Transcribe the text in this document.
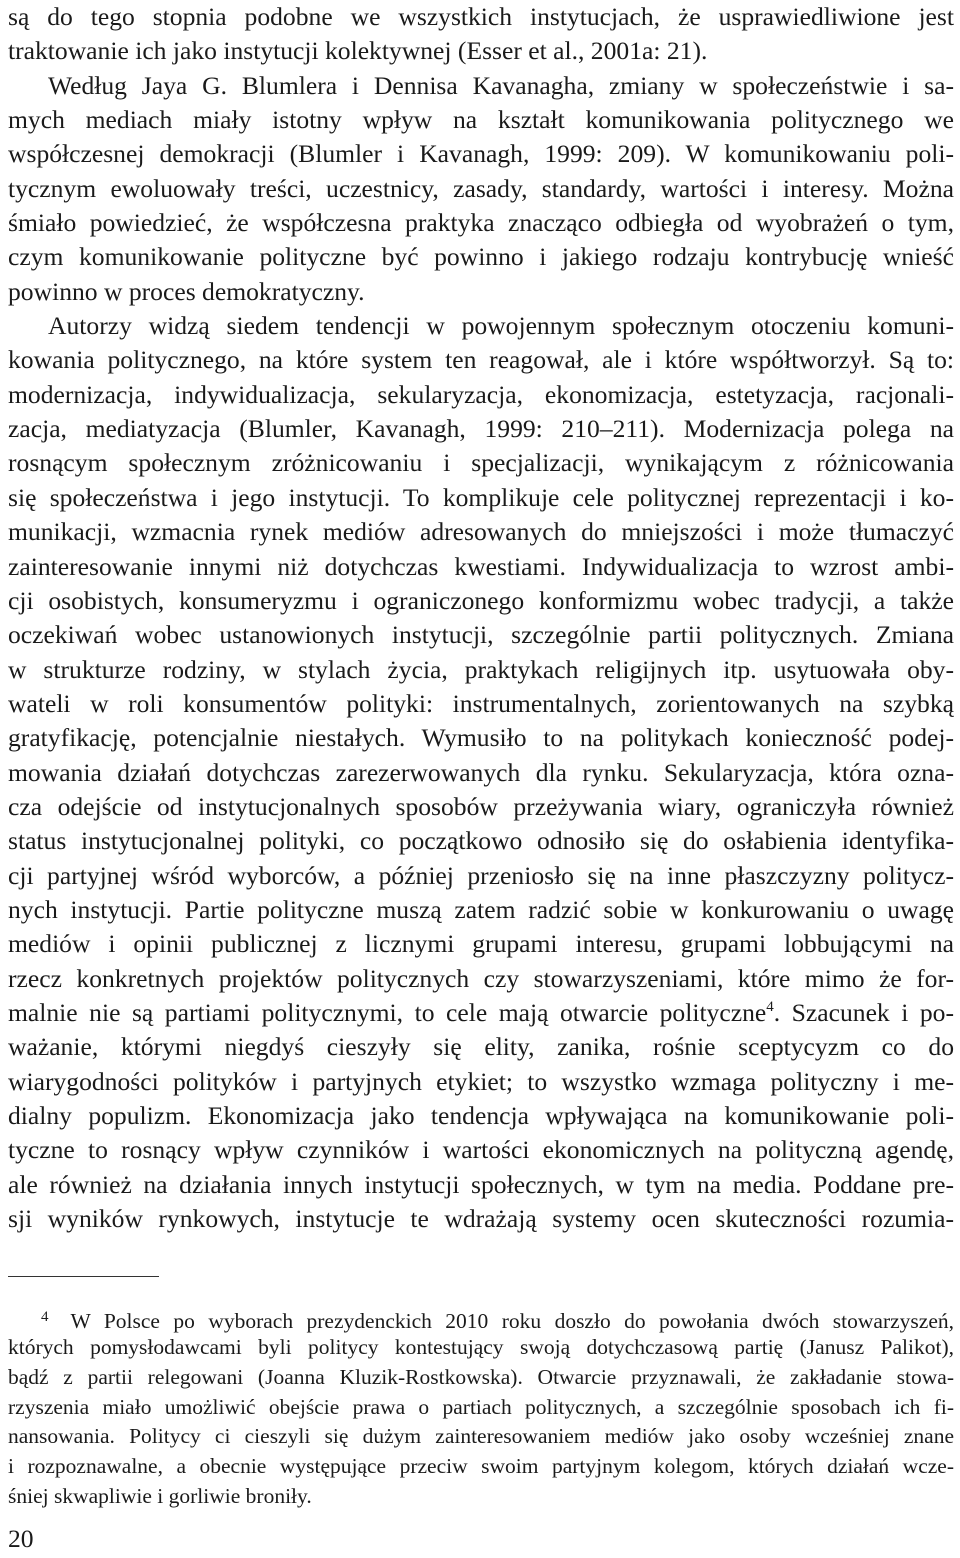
są do tego stopnia podobne we wszystkich instytucjach, że usprawiedliwione jest
traktowanie ich jako instytucji kolektywnej (Esser et al., 2001a: 21).
Według Jaya G. Blumlera i Dennisa Kavanagha, zmiany w społeczeństwie i sa-
mych mediach miały istotny wpływ na kształt komunikowania politycznego we
współczesnej demokracji (Blumler i Kavanagh, 1999: 209). W komunikowaniu poli-
tycznym ewoluowały treści, uczestnicy, zasady, standardy, wartości i interesy. Można
śmiało powiedzieć, że współczesna praktyka znacząco odbiegła od wyobrażeń o tym,
czym komunikowanie polityczne być powinno i jakiego rodzaju kontrybucję wnieść
powinno w proces demokratyczny.
Autorzy widzą siedem tendencji w powojennym społecznym otoczeniu komuni-
kowania politycznego, na które system ten reagował, ale i które współtworzył. Są to:
modernizacja, indywidualizacja, sekularyzacja, ekonomizacja, estetyzacja, racjonali-
zacja, mediatyzacja (Blumler, Kavanagh, 1999: 210–211). Modernizacja polega na
rosnącym społecznym zróżnicowaniu i specjalizacji, wynikającym z różnicowania
się społeczeństwa i jego instytucji. To komplikuje cele politycznej reprezentacji i ko-
munikacji, wzmacnia rynek mediów adresowanych do mniejszości i może tłumaczyć
zainteresowanie innymi niż dotychczas kwestiami. Indywidualizacja to wzrost ambi-
cji osobistych, konsumeryzmu i ograniczonego konformizmu wobec tradycji, a także
oczekiwań wobec ustanowionych instytucji, szczególnie partii politycznych. Zmiana
w strukturze rodziny, w stylach życia, praktykach religijnych itp. usytuowała oby-
wateli w roli konsumentów polityki: instrumentalnych, zorientowanych na szybką
gratyfikację, potencjalnie niestałych. Wymusiło to na politykach konieczność podej-
mowania działań dotychczas zarezerwowanych dla rynku. Sekularyzacja, która ozna-
cza odejście od instytucjonalnych sposobów przeżywania wiary, ograniczyła również
status instytucjonalnej polityki, co początkowo odnosiło się do osłabienia identyfika-
cji partyjnej wśród wyborców, a później przeniosło się na inne płaszczyzny politycz-
nych instytucji. Partie polityczne muszą zatem radzić sobie w konkurowaniu o uwagę
mediów i opinii publicznej z licznymi grupami interesu, grupami lobbującymi na
rzecz konkretnych projektów politycznych czy stowarzyszeniami, które mimo że for-
malnie nie są partiami politycznymi, to cele mają otwarcie polityczne$^4$. Szacunek i po-
ważanie, którymi niegdyś cieszyły się elity, zanika, rośnie sceptycyzm co do
wiarygodności polityków i partyjnych etykiet; to wszystko wzmaga polityczny i me-
dialny populizm. Ekonomizacja jako tendencja wpływająca na komunikowanie poli-
tyczne to rosnący wpływ czynników i wartości ekonomicznych na polityczną agendę,
ale również na działania innych instytucji społecznych, w tym na media. Poddane pre-
sji wyników rynkowych, instytucje te wdrażają systemy ocen skuteczności rozumia-
$^4$ W Polsce po wyborach prezydenckich 2010 roku doszło do powołania dwóch stowarzyszeń,
których pomysłodawcami byli politycy kontestujący swoją dotychczasową partię (Janusz Palikot),
bądź z partii relegowani (Joanna Kluzik-Rostkowska). Otwarcie przyznawali, że zakładanie stowa-
rzyszenia miało umożliwić obejście prawa o partiach politycznych, a szczególnie sposobach ich fi-
nansowania. Politycy ci cieszyli się dużym zainteresowaniem mediów jako osoby wcześniej znane
i rozpoznawalne, a obecnie występujące przeciw swoim partyjnym kolegom, których działań wcze-
śniej skwapliwie i gorliwie broniły.
20
